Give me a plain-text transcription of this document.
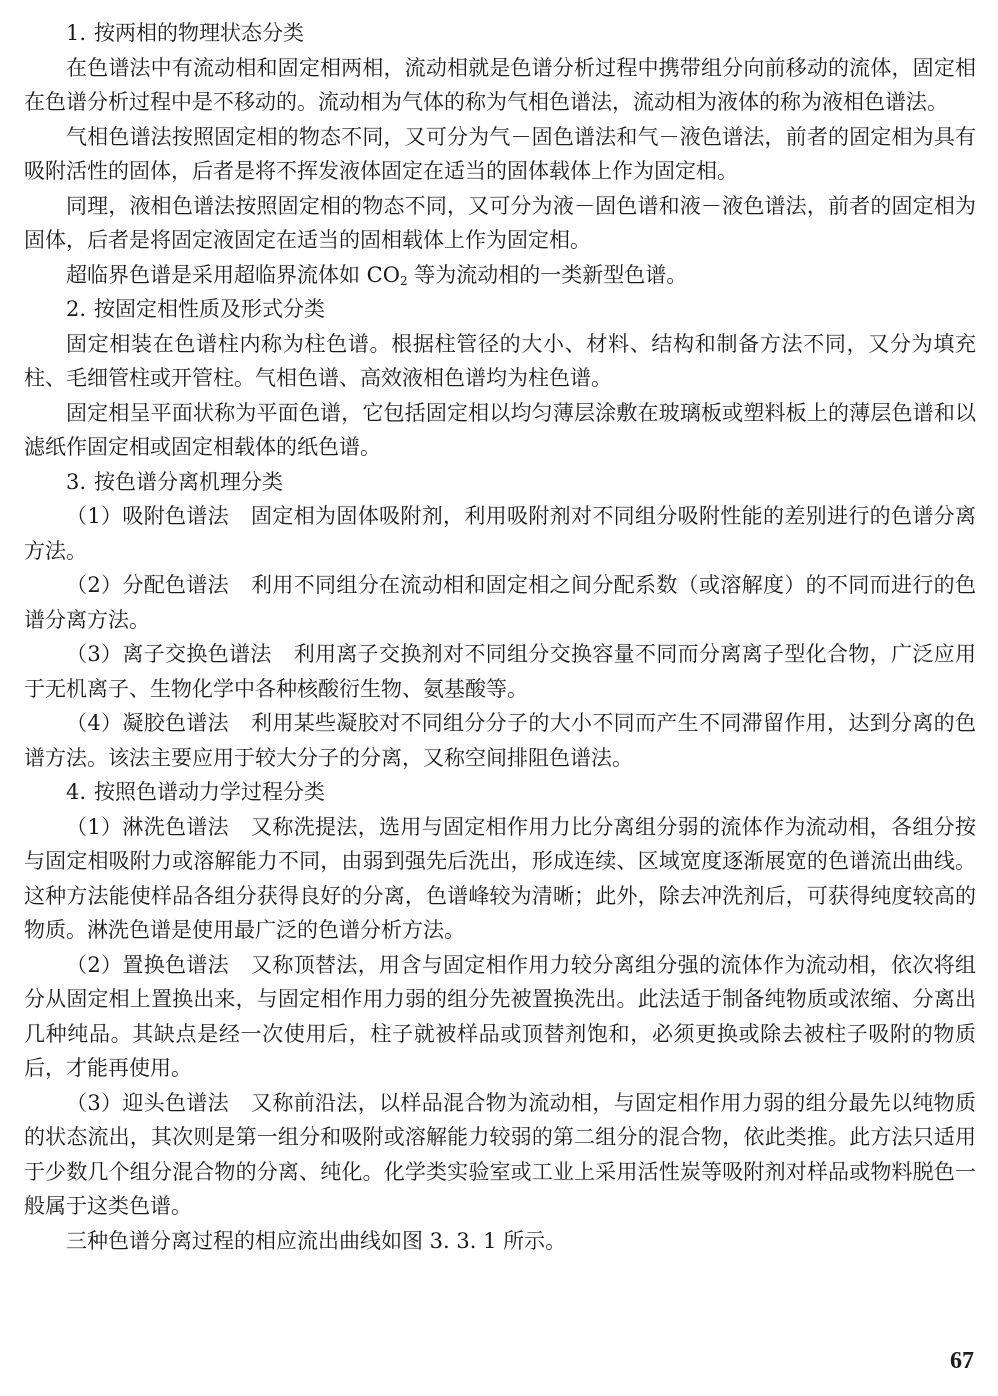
1. 按两相的物理状态分类

在色谱法中有流动相和固定相两相，流动相就是色谱分析过程中携带组分向前移动的流体，固定相在色谱分析过程中是不移动的。流动相为气体的称为气相色谱法，流动相为液体的称为液相色谱法。

气相色谱法按照固定相的物态不同，又可分为气－固色谱法和气－液色谱法，前者的固定相为具有吸附活性的固体，后者是将不挥发液体固定在适当的固体载体上作为固定相。

同理，液相色谱法按照固定相的物态不同，又可分为液－固色谱和液－液色谱法，前者的固定相为固体，后者是将固定液固定在适当的固相载体上作为固定相。

超临界色谱是采用超临界流体如 $CO_2$ 等为流动相的一类新型色谱。

2. 按固定相性质及形式分类

固定相装在色谱柱内称为柱色谱。根据柱管径的大小、材料、结构和制备方法不同，又分为填充柱、毛细管柱或开管柱。气相色谱、高效液相色谱均为柱色谱。

固定相呈平面状称为平面色谱，它包括固定相以均匀薄层涂敷在玻璃板或塑料板上的薄层色谱和以滤纸作固定相或固定相载体的纸色谱。

3. 按色谱分离机理分类

（1）吸附色谱法 固定相为固体吸附剂，利用吸附剂对不同组分吸附性能的差别进行的色谱分离方法。

（2）分配色谱法 利用不同组分在流动相和固定相之间分配系数（或溶解度）的不同而进行的色谱分离方法。

（3）离子交换色谱法 利用离子交换剂对不同组分交换容量不同而分离离子型化合物，广泛应用于无机离子、生物化学中各种核酸衍生物、氨基酸等。

（4）凝胶色谱法 利用某些凝胶对不同组分分子的大小不同而产生不同滞留作用，达到分离的色谱方法。该法主要应用于较大分子的分离，又称空间排阻色谱法。

4. 按照色谱动力学过程分类

（1）淋洗色谱法 又称洗提法，选用与固定相作用力比分离组分弱的流体作为流动相，各组分按与固定相吸附力或溶解能力不同，由弱到强先后洗出，形成连续、区域宽度逐渐展宽的色谱流出曲线。这种方法能使样品各组分获得良好的分离，色谱峰较为清晰；此外，除去冲洗剂后，可获得纯度较高的物质。淋洗色谱是使用最广泛的色谱分析方法。

（2）置换色谱法 又称顶替法，用含与固定相作用力较分离组分强的流体作为流动相，依次将组分从固定相上置换出来，与固定相作用力弱的组分先被置换洗出。此法适于制备纯物质或浓缩、分离出几种纯品。其缺点是经一次使用后，柱子就被样品或顶替剂饱和，必须更换或除去被柱子吸附的物质后，才能再使用。

（3）迎头色谱法 又称前沿法，以样品混合物为流动相，与固定相作用力弱的组分最先以纯物质的状态流出，其次则是第一组分和吸附或溶解能力较弱的第二组分的混合物，依此类推。此方法只适用于少数几个组分混合物的分离、纯化。化学类实验室或工业上采用活性炭等吸附剂对样品或物料脱色一般属于这类色谱。

三种色谱分离过程的相应流出曲线如图 3. 3. 1 所示。

67
